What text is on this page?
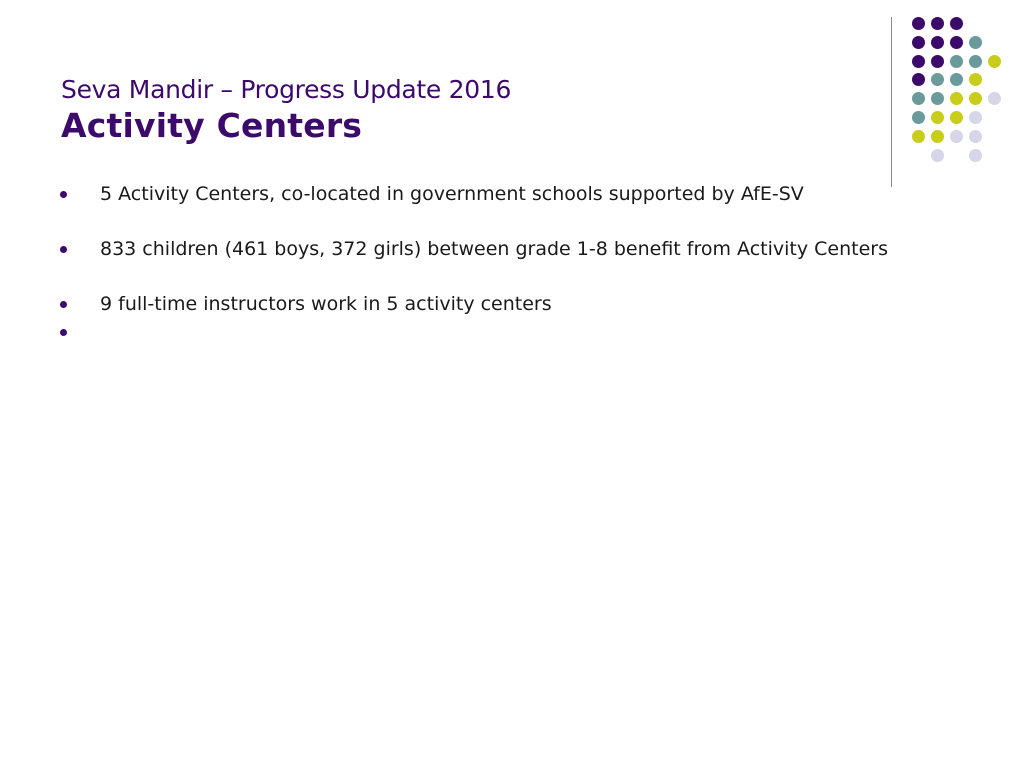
Seva Mandir – Progress Update 2016
Activity Centers
5 Activity Centers, co-located in government schools supported by AfE-SV
833 children (461 boys, 372 girls) between grade 1-8 benefit from Activity Centers
9 full-time instructors work in 5 activity centers
